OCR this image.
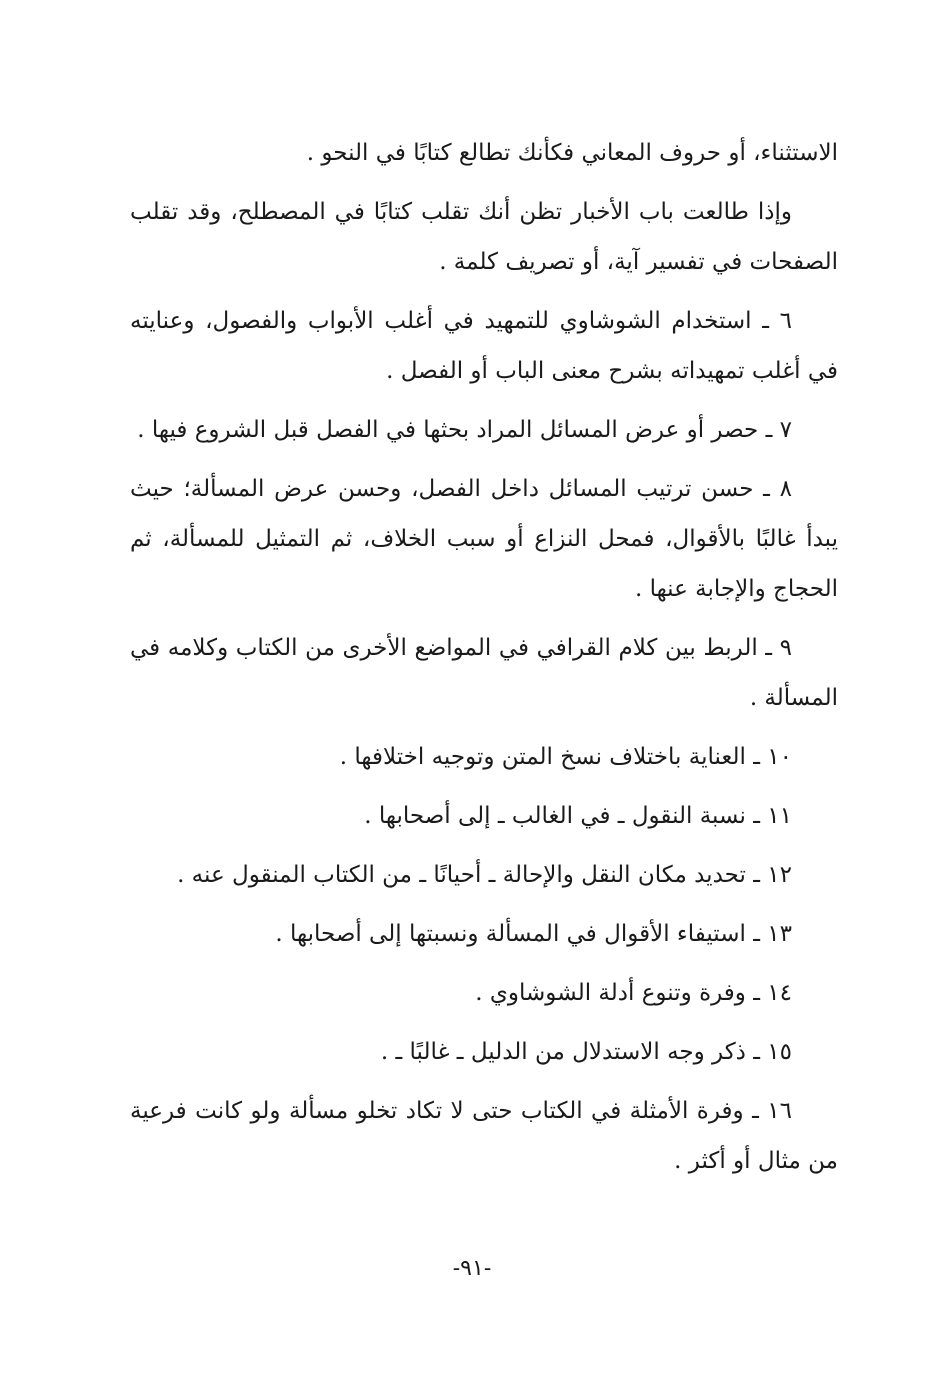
الاستثناء، أو حروف المعاني فكأنك تطالع كتابًا في النحو .

وإذا طالعت باب الأخبار تظن أنك تقلب كتابًا في المصطلح، وقد تقلب الصفحات في تفسير آية، أو تصريف كلمة .

٦ ـ استخدام الشوشاوي للتمهيد في أغلب الأبواب والفصول، وعنايته في أغلب تمهيداته بشرح معنى الباب أو الفصل .

٧ ـ حصر أو عرض المسائل المراد بحثها في الفصل قبل الشروع فيها .

٨ ـ حسن ترتيب المسائل داخل الفصل، وحسن عرض المسألة؛ حيث يبدأ غالبًا بالأقوال، فمحل النزاع أو سبب الخلاف، ثم التمثيل للمسألة، ثم الحجاج والإجابة عنها .

٩ ـ الربط بين كلام القرافي في المواضع الأخرى من الكتاب وكلامه في المسألة .

١٠ ـ العناية باختلاف نسخ المتن وتوجيه اختلافها .

١١ ـ نسبة النقول ـ في الغالب ـ إلى أصحابها .

١٢ ـ تحديد مكان النقل والإحالة ـ أحيانًا ـ من الكتاب المنقول عنه .

١٣ ـ استيفاء الأقوال في المسألة ونسبتها إلى أصحابها .

١٤ ـ وفرة وتنوع أدلة الشوشاوي .

١٥ ـ ذكر وجه الاستدلال من الدليل ـ غالبًا ـ .

١٦ ـ وفرة الأمثلة في الكتاب حتى لا تكاد تخلو مسألة ولو كانت فرعية من مثال أو أكثر .

-٩١-
